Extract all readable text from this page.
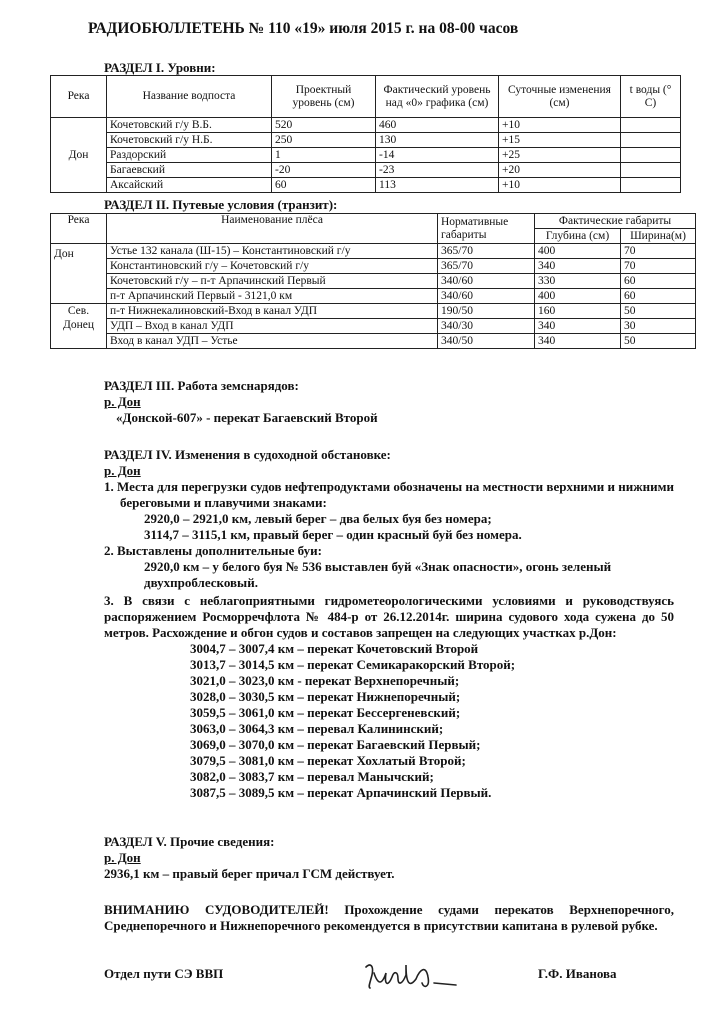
РАДИОБЮЛЛЕТЕНЬ № 110 «19» июля 2015 г. на 08-00 часов
РАЗДЕЛ I. Уровни:
Река	Название водпоста	Проектный уровень (см)	Фактический уровень над «0» графика (см)	Суточные изменения (см)	t воды (° С)
Дон	Кочетовский г/у В.Б.	520	460	+10	
	Кочетовский г/у Н.Б.	250	130	+15	
	Раздорский	1	-14	+25	
	Багаевский	-20	-23	+20	
	Аксайский	60	113	+10	
РАЗДЕЛ II. Путевые условия (транзит):
Река	Наименование плёса	Нормативные габариты	Фактические габариты	
			Глубина (см)	Ширина(м)
Дон	Устье 132 канала (Ш-15) – Константиновский г/у	365/70	400	70
	Константиновский г/у – Кочетовский г/у	365/70	340	70
	Кочетовский г/у – п-т Арпачинский Первый	340/60	330	60
	п-т Арпачинский Первый - 3121,0 км	340/60	400	60
Сев. Донец	п-т Нижнекалиновский-Вход в канал УДП	190/50	160	50
	УДП – Вход в канал УДП	340/30	340	30
	Вход в канал УДП – Устье	340/50	340	50

РАЗДЕЛ III. Работа земснарядов:

р. Дон

«Донской-607» - перекат Багаевский Второй

РАЗДЕЛ IV. Изменения в судоходной обстановке:

р. Дон

1. Места для перегрузки судов нефтепродуктами обозначены на местности верхними и нижними береговыми и плавучими знаками:

2920,0 – 2921,0 км, левый берег – два белых буя без номера;

3114,7 – 3115,1 км, правый берег – один красный буй без номера.

2. Выставлены дополнительные буи:

2920,0 км – у белого буя № 536 выставлен буй «Знак опасности», огонь зеленый двухпроблесковый.

3. В связи с неблагоприятными гидрометеорологическими условиями и руководствуясь распоряжением Росморречфлота № 484-р от 26.12.2014г. ширина судового хода сужена до 50 метров. Расхождение и обгон судов и составов запрещен на следующих участках р.Дон:

3004,7 – 3007,4 км – перекат Кочетовский Второй

3013,7 – 3014,5 км – перекат Семикаракорский Второй;

3021,0 – 3023,0 км - перекат Верхнепоречный;

3028,0 – 3030,5 км – перекат Нижнепоречный;

3059,5 – 3061,0 км – перекат Бессергеневский;

3063,0 – 3064,3 км – перевал Калининский;

3069,0 – 3070,0 км – перекат Багаевский Первый;

3079,5 – 3081,0 км – перекат Хохлатый Второй;

3082,0 – 3083,7 км – перевал Манычский;

3087,5 – 3089,5 км – перекат Арпачинский Первый.

РАЗДЕЛ V. Прочие сведения:

р. Дон

2936,1 км – правый берег причал ГСМ действует.

ВНИМАНИЮ СУДОВОДИТЕЛЕЙ! Прохождение судами перекатов Верхнепоречного, Среднепоречного и Нижнепоречного рекомендуется в присутствии капитана в рулевой рубке.
Отдел пути СЭ ВВП	Г.Ф. Иванова
